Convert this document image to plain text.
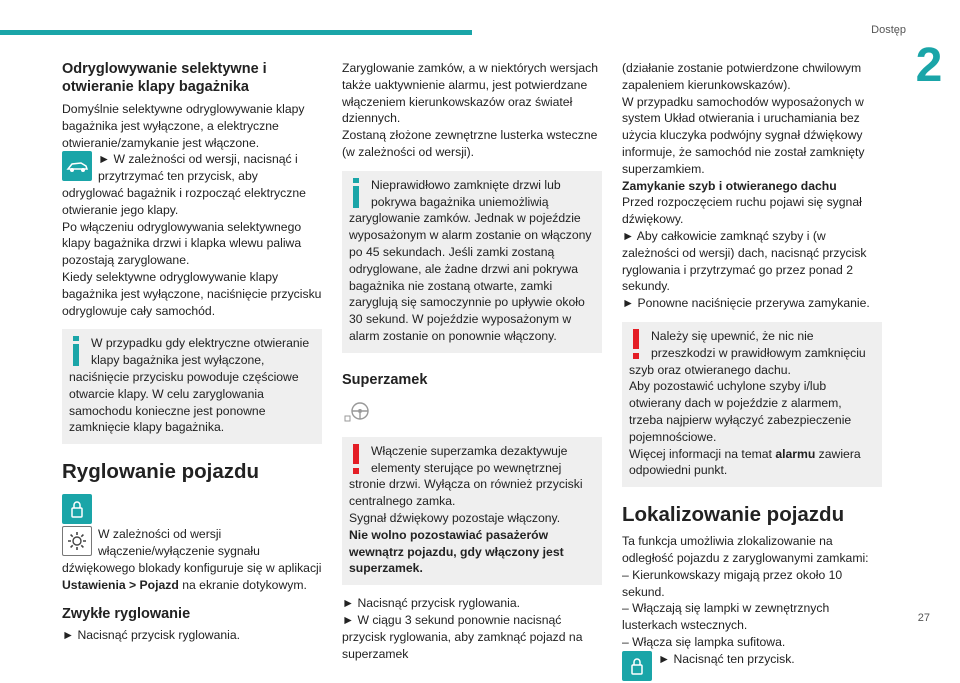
Dostęp
2
27
Odryglowywanie selektywne i otwieranie klapy bagażnika

Domyślnie selektywne odryglowywanie klapy bagażnika jest wyłączone, a elektryczne otwieranie/zamykanie jest włączone.

► W zależności od wersji, nacisnąć i przytrzymać ten przycisk, aby odryglować bagażnik i rozpocząć elektryczne otwieranie jego klapy.

Po włączeniu odryglowywania selektywnego klapy bagażnika drzwi i klapka wlewu paliwa pozostają zaryglowane.

Kiedy selektywne odryglowywanie klapy bagażnika jest wyłączone, naciśnięcie przycisku odryglowuje cały samochód.

W przypadku gdy elektryczne otwieranie klapy bagażnika jest wyłączone, naciśnięcie przycisku powoduje częściowe otwarcie klapy. W celu zaryglowania samochodu konieczne jest ponowne zamknięcie klapy bagażnika.

Ryglowanie pojazdu

W zależności od wersji włączenie/wyłączenie sygnału dźwiękowego blokady konfiguruje się w aplikacji Ustawienia > Pojazd na ekranie dotykowym.

Zwykłe ryglowanie

► Nacisnąć przycisk ryglowania.

Zaryglowanie zamków, a w niektórych wersjach także uaktywnienie alarmu, jest potwierdzane włączeniem kierunkowskazów oraz świateł dziennych.

Zostaną złożone zewnętrzne lusterka wsteczne (w zależności od wersji).

Nieprawidłowo zamknięte drzwi lub pokrywa bagażnika uniemożliwią zaryglowanie zamków. Jednak w pojeździe wyposażonym w alarm zostanie on włączony po 45 sekundach. Jeśli zamki zostaną odryglowane, ale żadne drzwi ani pokrywa bagażnika nie zostaną otwarte, zamki zaryglują się samoczynnie po upływie około 30 sekund. W pojeździe wyposażonym w alarm zostanie on ponownie włączony.

Superzamek

Włączenie superzamka dezaktywuje elementy sterujące po wewnętrznej stronie drzwi. Wyłącza on również przyciski centralnego zamka.

Sygnał dźwiękowy pozostaje włączony.

Nie wolno pozostawiać pasażerów wewnątrz pojazdu, gdy włączony jest superzamek.

► Nacisnąć przycisk ryglowania.

► W ciągu 3 sekund ponownie nacisnąć przycisk ryglowania, aby zamknąć pojazd na superzamek

(działanie zostanie potwierdzone chwilowym zapaleniem kierunkowskazów).

W przypadku samochodów wyposażonych w system Układ otwierania i uruchamiania bez użycia kluczyka podwójny sygnał dźwiękowy informuje, że samochód nie został zamknięty superzamkiem.

Zamykanie szyb i otwieranego dachu

Przed rozpoczęciem ruchu pojawi się sygnał dźwiękowy.

► Aby całkowicie zamknąć szyby i (w zależności od wersji) dach, nacisnąć przycisk ryglowania i przytrzymać go przez ponad 2 sekundy.

► Ponowne naciśnięcie przerywa zamykanie.

Należy się upewnić, że nic nie przeszkodzi w prawidłowym zamknięciu szyb oraz otwieranego dachu.

Aby pozostawić uchylone szyby i/lub otwierany dach w pojeździe z alarmem, trzeba najpierw wyłączyć zabezpieczenie pojemnościowe.

Więcej informacji na temat alarmu zawiera odpowiedni punkt.

Lokalizowanie pojazdu

Ta funkcja umożliwia zlokalizowanie na odległość pojazdu z zaryglowanymi zamkami:

– Kierunkowskazy migają przez około 10 sekund.

– Włączają się lampki w zewnętrznych lusterkach wstecznych.

– Włącza się lampka sufitowa.

► Nacisnąć ten przycisk.
